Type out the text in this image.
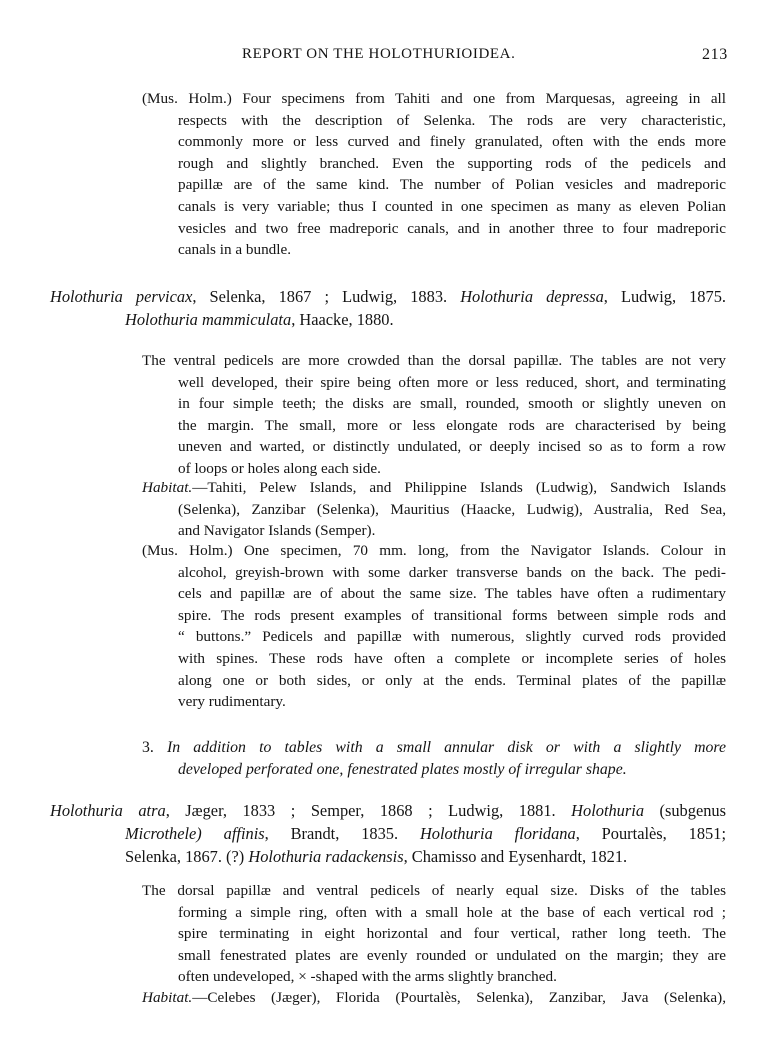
REPORT ON THE HOLOTHURIOIDEA.	213
(Mus. Holm.) Four specimens from Tahiti and one from Marquesas, agreeing in all
respects with the description of Selenka. The rods are very characteristic,
commonly more or less curved and finely granulated, often with the ends more
rough and slightly branched. Even the supporting rods of the pedicels and
papillæ are of the same kind. The number of Polian vesicles and madreporic
canals is very variable; thus I counted in one specimen as many as eleven Polian
vesicles and two free madreporic canals, and in another three to four madreporic
canals in a bundle.
Holothuria pervicax, Selenka, 1867 ; Ludwig, 1883. Holothuria depressa, Ludwig, 1875.
Holothuria mammiculata, Haacke, 1880.
The ventral pedicels are more crowded than the dorsal papillæ. The tables are not very
well developed, their spire being often more or less reduced, short, and terminating
in four simple teeth; the disks are small, rounded, smooth or slightly uneven on
the margin. The small, more or less elongate rods are characterised by being
uneven and warted, or distinctly undulated, or deeply incised so as to form a row
of loops or holes along each side.
Habitat.—Tahiti, Pelew Islands, and Philippine Islands (Ludwig), Sandwich Islands
(Selenka), Zanzibar (Selenka), Mauritius (Haacke, Ludwig), Australia, Red Sea,
and Navigator Islands (Semper).
(Mus. Holm.) One specimen, 70 mm. long, from the Navigator Islands. Colour in
alcohol, greyish-brown with some darker transverse bands on the back. The pedi-
cels and papillæ are of about the same size. The tables have often a rudimentary
spire. The rods present examples of transitional forms between simple rods and
“ buttons.” Pedicels and papillæ with numerous, slightly curved rods provided
with spines. These rods have often a complete or incomplete series of holes
along one or both sides, or only at the ends. Terminal plates of the papillæ
very rudimentary.
3. In addition to tables with a small annular disk or with a slightly more
developed perforated one, fenestrated plates mostly of irregular shape.
Holothuria atra, Jæger, 1833 ; Semper, 1868 ; Ludwig, 1881. Holothuria (subgenus
Microthele) affinis, Brandt, 1835. Holothuria floridana, Pourtalès, 1851;
Selenka, 1867. (?) Holothuria radackensis, Chamisso and Eysenhardt, 1821.
The dorsal papillæ and ventral pedicels of nearly equal size. Disks of the tables
forming a simple ring, often with a small hole at the base of each vertical rod ;
spire terminating in eight horizontal and four vertical, rather long teeth. The
small fenestrated plates are evenly rounded or undulated on the margin; they are
often undeveloped, × -shaped with the arms slightly branched.
Habitat.—Celebes (Jæger), Florida (Pourtalès, Selenka), Zanzibar, Java (Selenka),
